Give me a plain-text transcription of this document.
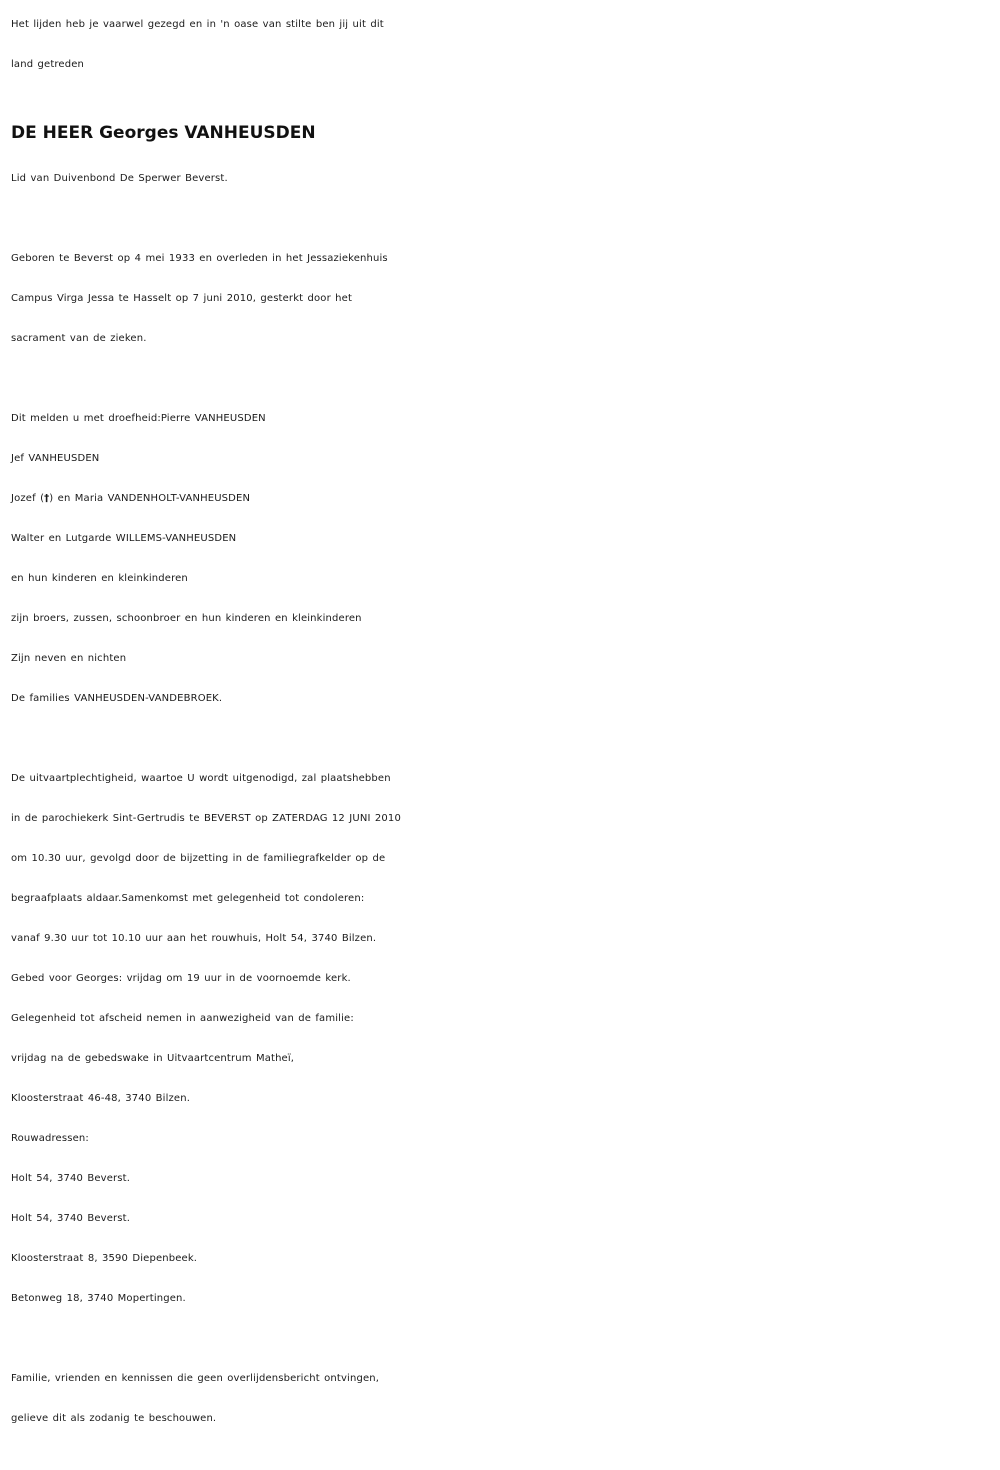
Het lijden heb je vaarwel gezegd en in 'n oase van stilte ben jij uit dit
land getreden
DE HEER Georges VANHEUSDEN
Lid van Duivenbond De Sperwer Beverst.
Geboren te Beverst op 4 mei 1933 en overleden in het Jessaziekenhuis
Campus Virga Jessa te Hasselt op 7 juni 2010, gesterkt door het
sacrament van de zieken.
Dit melden u met droefheid:Pierre VANHEUSDEN
Jef VANHEUSDEN
Jozef (†) en Maria VANDENHOLT-VANHEUSDEN
Walter en Lutgarde WILLEMS-VANHEUSDEN
en hun kinderen en kleinkinderen
zijn broers, zussen, schoonbroer en hun kinderen en kleinkinderen
Zijn neven en nichten
De families VANHEUSDEN-VANDEBROEK.
De uitvaartplechtigheid, waartoe U wordt uitgenodigd, zal plaatshebben
in de parochiekerk Sint-Gertrudis te BEVERST op ZATERDAG 12 JUNI 2010
om 10.30 uur, gevolgd door de bijzetting in de familiegrafkelder op de
begraafplaats aldaar.Samenkomst met gelegenheid tot condoleren:
vanaf 9.30 uur tot 10.10 uur aan het rouwhuis, Holt 54, 3740 Bilzen.
Gebed voor Georges: vrijdag om 19 uur in de voornoemde kerk.
Gelegenheid tot afscheid nemen in aanwezigheid van de familie:
vrijdag na de gebedswake in Uitvaartcentrum Matheï,
Kloosterstraat 46-48, 3740 Bilzen.
Rouwadressen:
Holt 54, 3740 Beverst.
Holt 54, 3740 Beverst.
Kloosterstraat 8, 3590 Diepenbeek.
Betonweg 18, 3740 Mopertingen.
Familie, vrienden en kennissen die geen overlijdensbericht ontvingen,
gelieve dit als zodanig te beschouwen.
